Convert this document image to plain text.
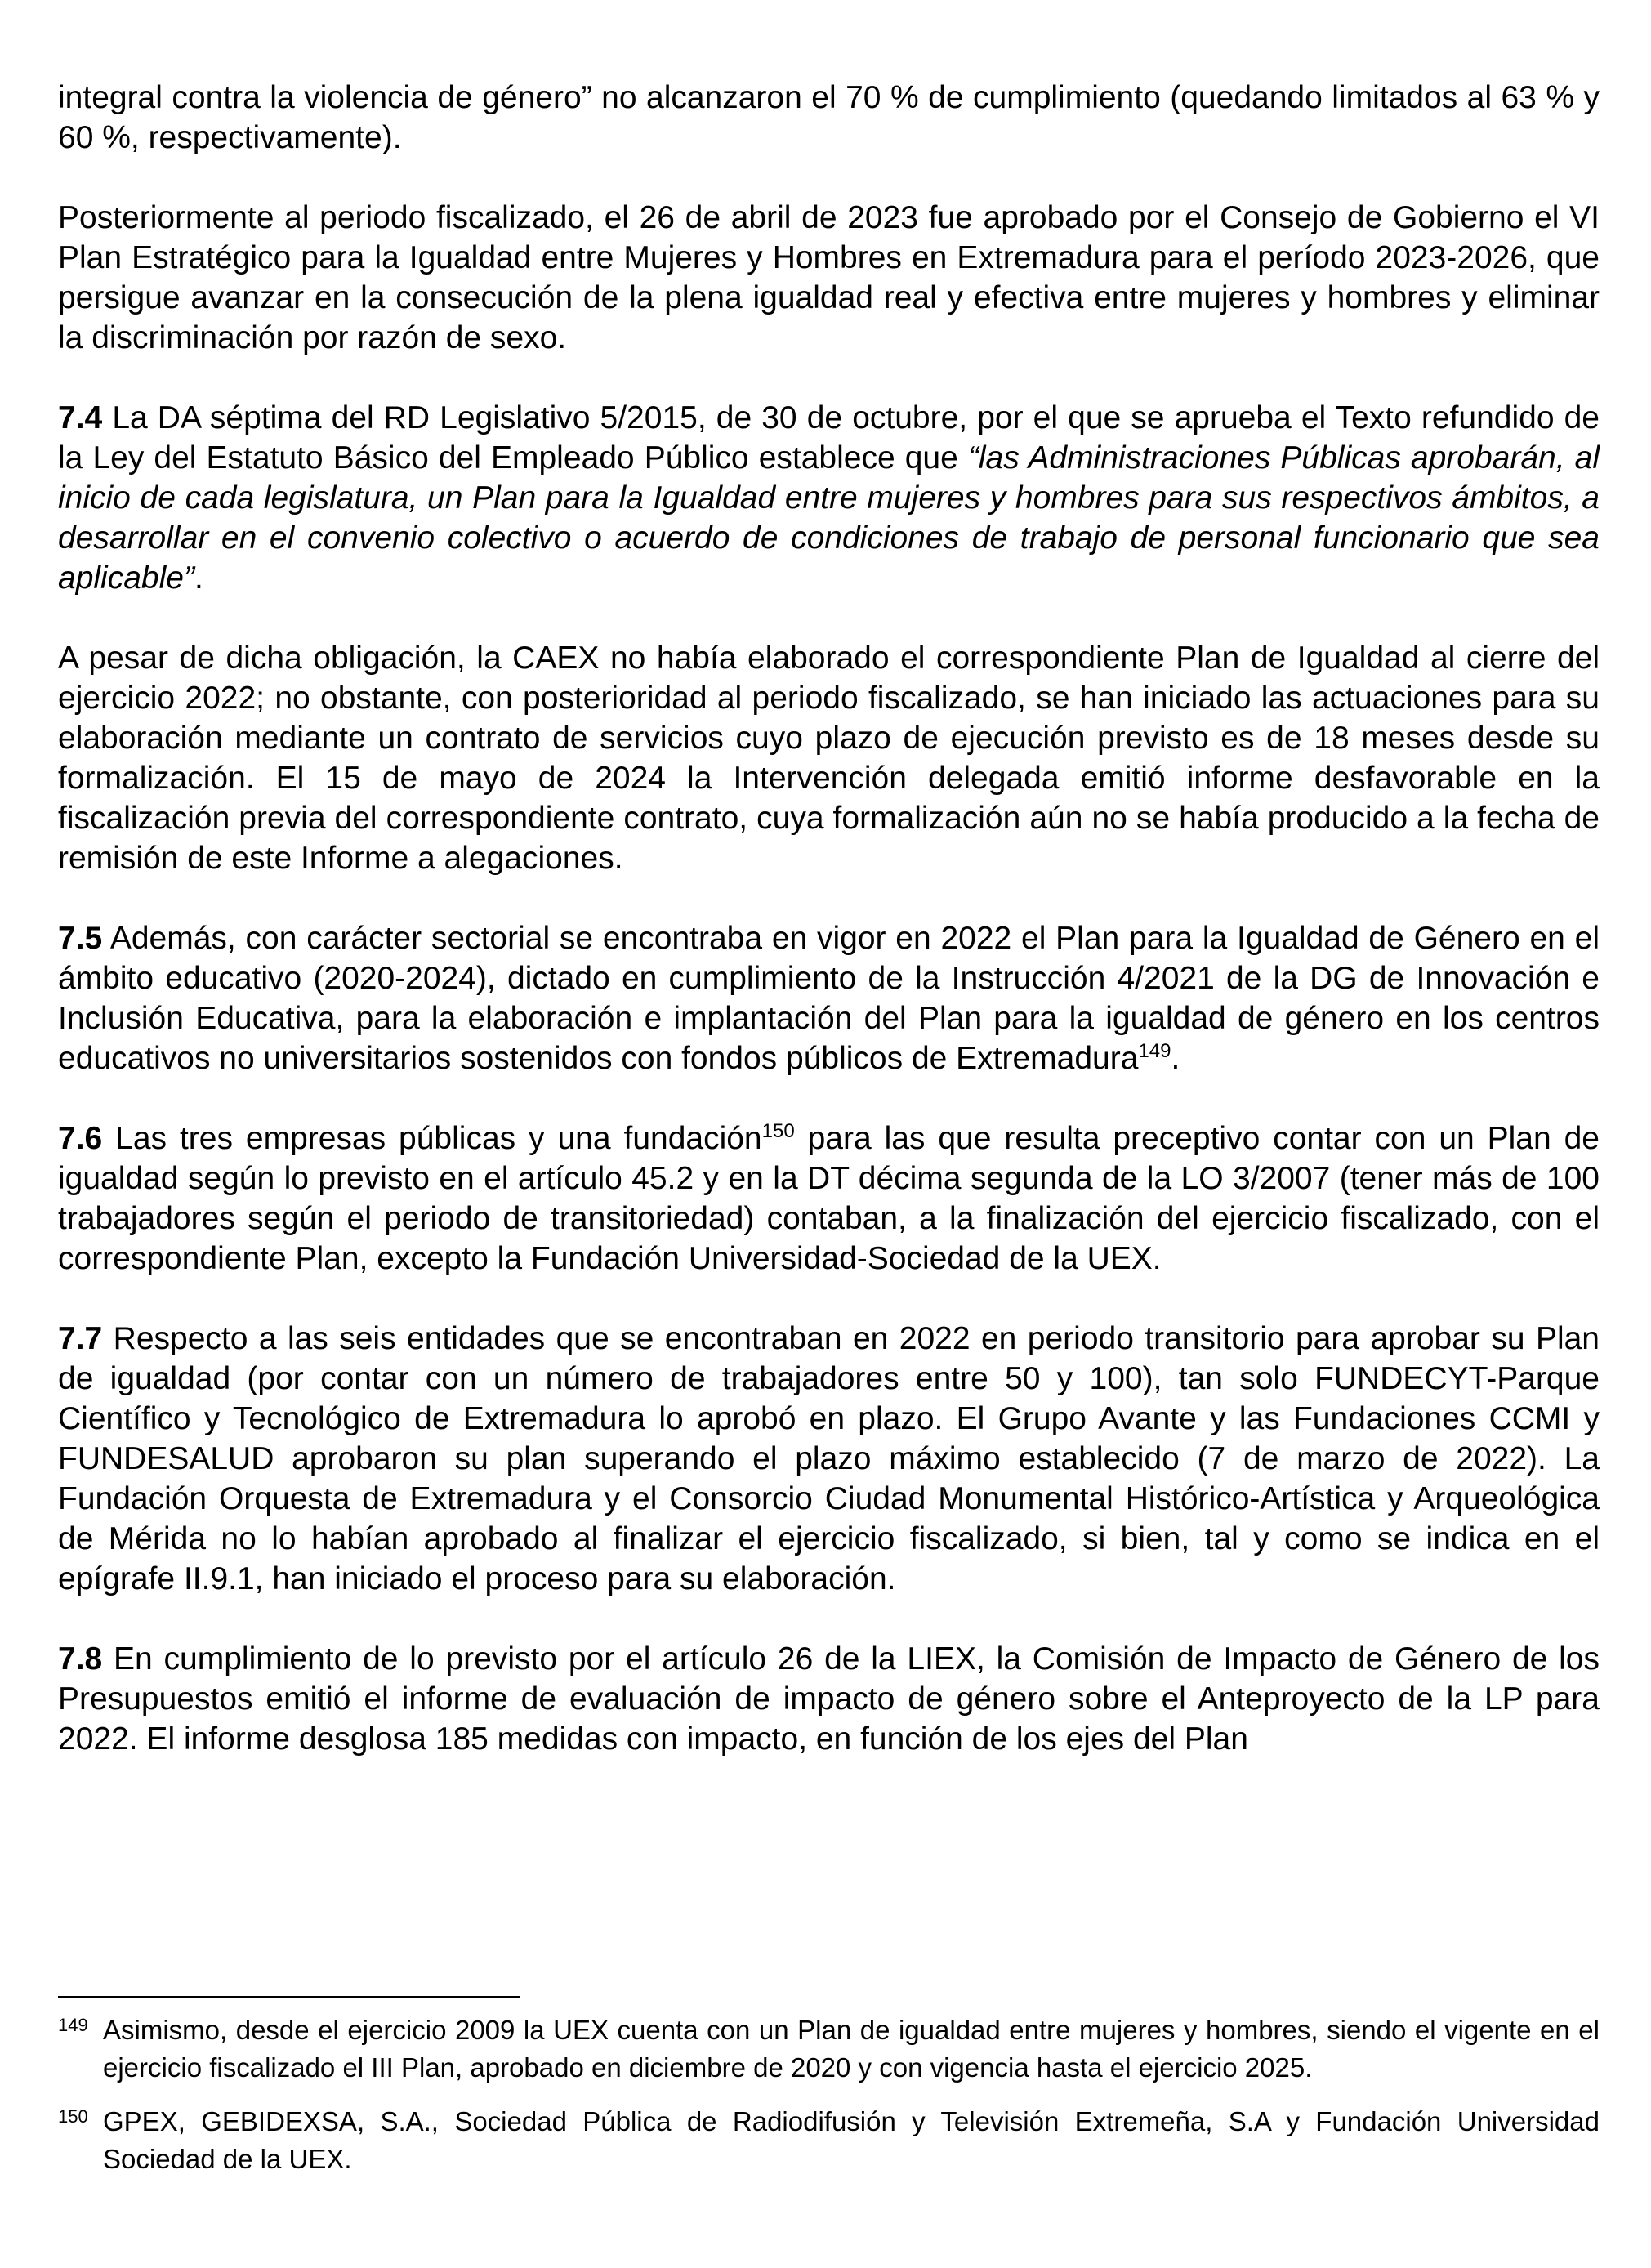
integral contra la violencia de género” no alcanzaron el 70 % de cumplimiento (quedando limitados al 63 % y 60 %, respectivamente).

Posteriormente al periodo fiscalizado, el 26 de abril de 2023 fue aprobado por el Consejo de Gobierno el VI Plan Estratégico para la Igualdad entre Mujeres y Hombres en Extremadura para el período 2023-2026, que persigue avanzar en la consecución de la plena igualdad real y efectiva entre mujeres y hombres y eliminar la discriminación por razón de sexo.

7.4 La DA séptima del RD Legislativo 5/2015, de 30 de octubre, por el que se aprueba el Texto refundido de la Ley del Estatuto Básico del Empleado Público establece que “las Administraciones Públicas aprobarán, al inicio de cada legislatura, un Plan para la Igualdad entre mujeres y hombres para sus respectivos ámbitos, a desarrollar en el convenio colectivo o acuerdo de condiciones de trabajo de personal funcionario que sea aplicable”.

A pesar de dicha obligación, la CAEX no había elaborado el correspondiente Plan de Igualdad al cierre del ejercicio 2022; no obstante, con posterioridad al periodo fiscalizado, se han iniciado las actuaciones para su elaboración mediante un contrato de servicios cuyo plazo de ejecución previsto es de 18 meses desde su formalización. El 15 de mayo de 2024 la Intervención delegada emitió informe desfavorable en la fiscalización previa del correspondiente contrato, cuya formalización aún no se había producido a la fecha de remisión de este Informe a alegaciones.

7.5 Además, con carácter sectorial se encontraba en vigor en 2022 el Plan para la Igualdad de Género en el ámbito educativo (2020-2024), dictado en cumplimiento de la Instrucción 4/2021 de la DG de Innovación e Inclusión Educativa, para la elaboración e implantación del Plan para la igualdad de género en los centros educativos no universitarios sostenidos con fondos públicos de Extremadura$^{149}$.

7.6 Las tres empresas públicas y una fundación$^{150}$ para las que resulta preceptivo contar con un Plan de igualdad según lo previsto en el artículo 45.2 y en la DT décima segunda de la LO 3/2007 (tener más de 100 trabajadores según el periodo de transitoriedad) contaban, a la finalización del ejercicio fiscalizado, con el correspondiente Plan, excepto la Fundación Universidad-Sociedad de la UEX.

7.7 Respecto a las seis entidades que se encontraban en 2022 en periodo transitorio para aprobar su Plan de igualdad (por contar con un número de trabajadores entre 50 y 100), tan solo FUNDECYT-Parque Científico y Tecnológico de Extremadura lo aprobó en plazo. El Grupo Avante y las Fundaciones CCMI y FUNDESALUD aprobaron su plan superando el plazo máximo establecido (7 de marzo de 2022). La Fundación Orquesta de Extremadura y el Consorcio Ciudad Monumental Histórico-Artística y Arqueológica de Mérida no lo habían aprobado al finalizar el ejercicio fiscalizado, si bien, tal y como se indica en el epígrafe II.9.1, han iniciado el proceso para su elaboración.

7.8 En cumplimiento de lo previsto por el artículo 26 de la LIEX, la Comisión de Impacto de Género de los Presupuestos emitió el informe de evaluación de impacto de género sobre el Anteproyecto de la LP para 2022. El informe desglosa 185 medidas con impacto, en función de los ejes del Plan

149 Asimismo, desde el ejercicio 2009 la UEX cuenta con un Plan de igualdad entre mujeres y hombres, siendo el vigente en el ejercicio fiscalizado el III Plan, aprobado en diciembre de 2020 y con vigencia hasta el ejercicio 2025.
150 GPEX, GEBIDEXSA, S.A., Sociedad Pública de Radiodifusión y Televisión Extremeña, S.A y Fundación Universidad Sociedad de la UEX.
